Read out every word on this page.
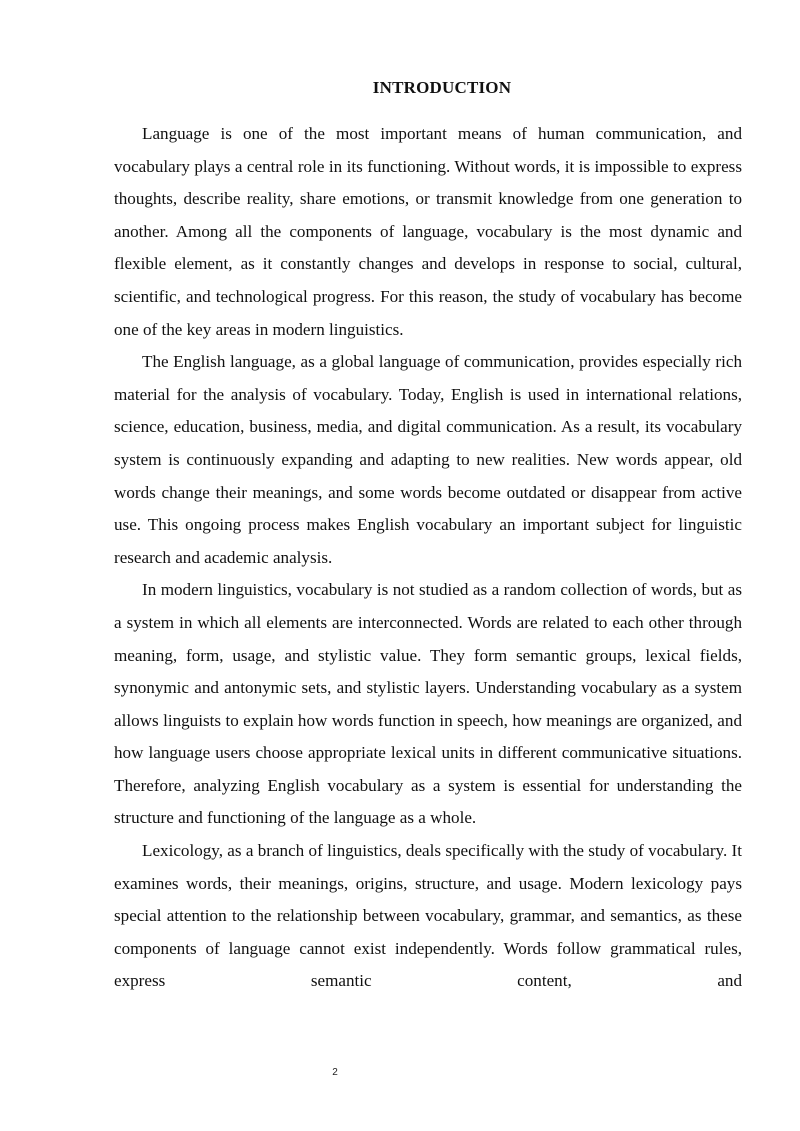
INTRODUCTION

Language is one of the most important means of human communication, and vocabulary plays a central role in its functioning. Without words, it is impossible to express thoughts, describe reality, share emotions, or transmit knowledge from one generation to another. Among all the components of language, vocabulary is the most dynamic and flexible element, as it constantly changes and develops in response to social, cultural, scientific, and technological progress. For this reason, the study of vocabulary has become one of the key areas in modern linguistics.

The English language, as a global language of communication, provides especially rich material for the analysis of vocabulary. Today, English is used in international relations, science, education, business, media, and digital communication. As a result, its vocabulary system is continuously expanding and adapting to new realities. New words appear, old words change their meanings, and some words become outdated or disappear from active use. This ongoing process makes English vocabulary an important subject for linguistic research and academic analysis.

In modern linguistics, vocabulary is not studied as a random collection of words, but as a system in which all elements are interconnected. Words are related to each other through meaning, form, usage, and stylistic value. They form semantic groups, lexical fields, synonymic and antonymic sets, and stylistic layers. Understanding vocabulary as a system allows linguists to explain how words function in speech, how meanings are organized, and how language users choose appropriate lexical units in different communicative situations. Therefore, analyzing English vocabulary as a system is essential for understanding the structure and functioning of the language as a whole.

Lexicology, as a branch of linguistics, deals specifically with the study of vocabulary. It examines words, their meanings, origins, structure, and usage. Modern lexicology pays special attention to the relationship between vocabulary, grammar, and semantics, as these components of language cannot exist independently. Words follow grammatical rules, express semantic content, and

2
